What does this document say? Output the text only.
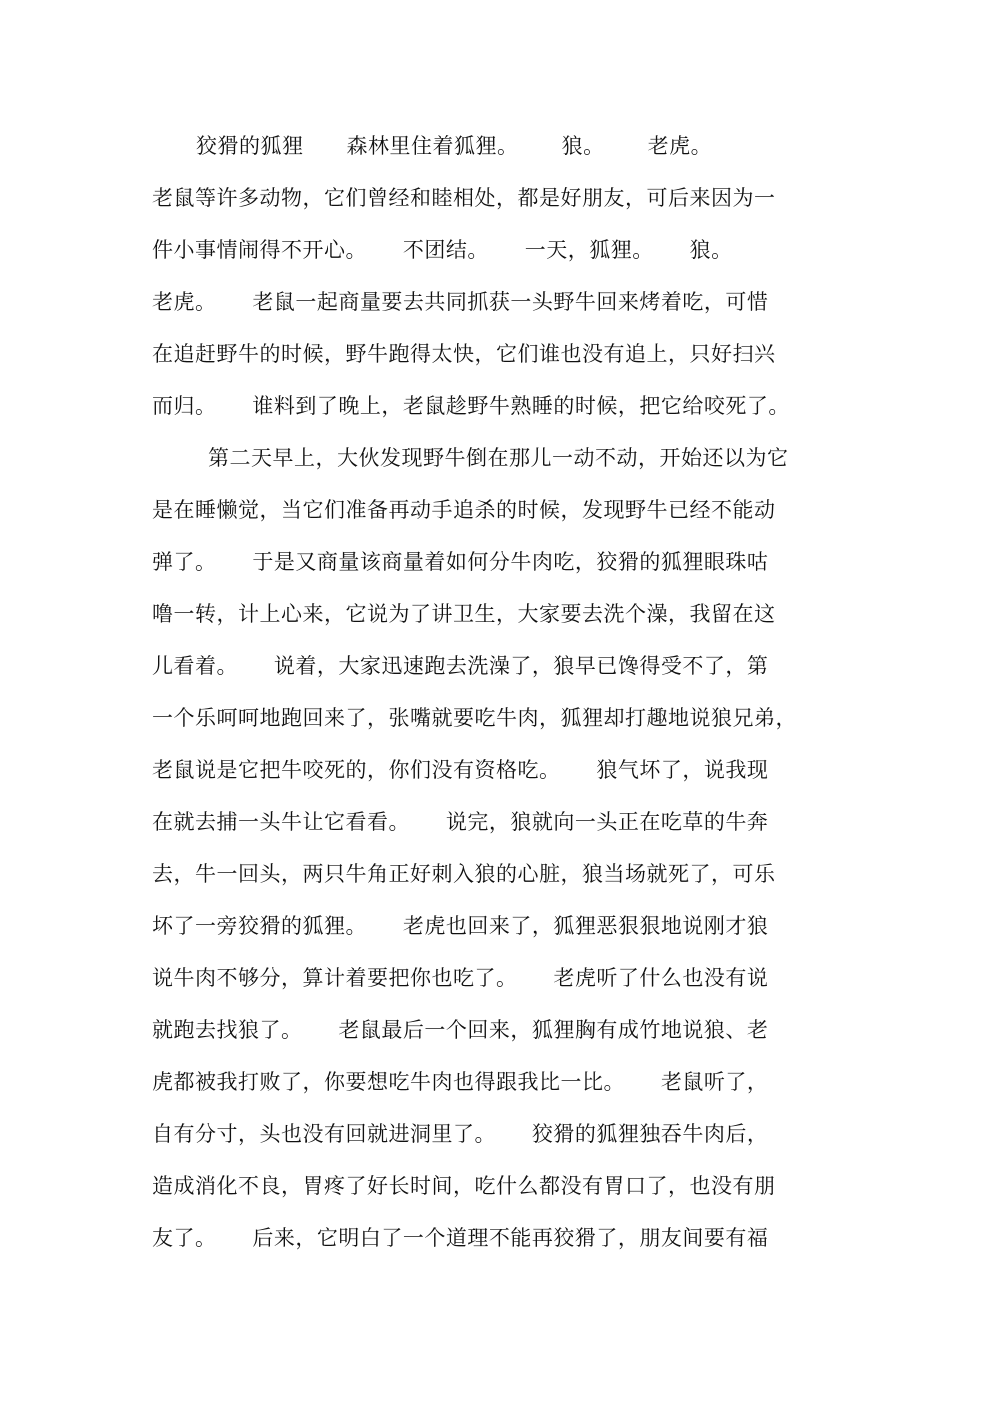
狡猾的狐狸      森林里住着狐狸。      狼。      老虎。
老鼠等许多动物，它们曾经和睦相处，都是好朋友，可后来因为一
件小事情闹得不开心。     不团结。     一天，狐狸。     狼。
老虎。     老鼠一起商量要去共同抓获一头野牛回来烤着吃，可惜
在追赶野牛的时候，野牛跑得太快，它们谁也没有追上，只好扫兴
而归。     谁料到了晚上，老鼠趁野牛熟睡的时候，把它给咬死了。
第二天早上，大伙发现野牛倒在那儿一动不动，开始还以为它
是在睡懒觉，当它们准备再动手追杀的时候，发现野牛已经不能动
弹了。     于是又商量该商量着如何分牛肉吃，狡猾的狐狸眼珠咕
噜一转，计上心来，它说为了讲卫生，大家要去洗个澡，我留在这
儿看着。     说着，大家迅速跑去洗澡了，狼早已馋得受不了，第
一个乐呵呵地跑回来了，张嘴就要吃牛肉，狐狸却打趣地说狼兄弟，
老鼠说是它把牛咬死的，你们没有资格吃。     狼气坏了，说我现
在就去捕一头牛让它看看。     说完，狼就向一头正在吃草的牛奔
去，牛一回头，两只牛角正好刺入狼的心脏，狼当场就死了，可乐
坏了一旁狡猾的狐狸。     老虎也回来了，狐狸恶狠狠地说刚才狼
说牛肉不够分，算计着要把你也吃了。     老虎听了什么也没有说
就跑去找狼了。     老鼠最后一个回来，狐狸胸有成竹地说狼、老
虎都被我打败了，你要想吃牛肉也得跟我比一比。     老鼠听了，
自有分寸，头也没有回就进洞里了。     狡猾的狐狸独吞牛肉后，
造成消化不良，胃疼了好长时间，吃什么都没有胃口了，也没有朋
友了。     后来，它明白了一个道理不能再狡猾了，朋友间要有福
